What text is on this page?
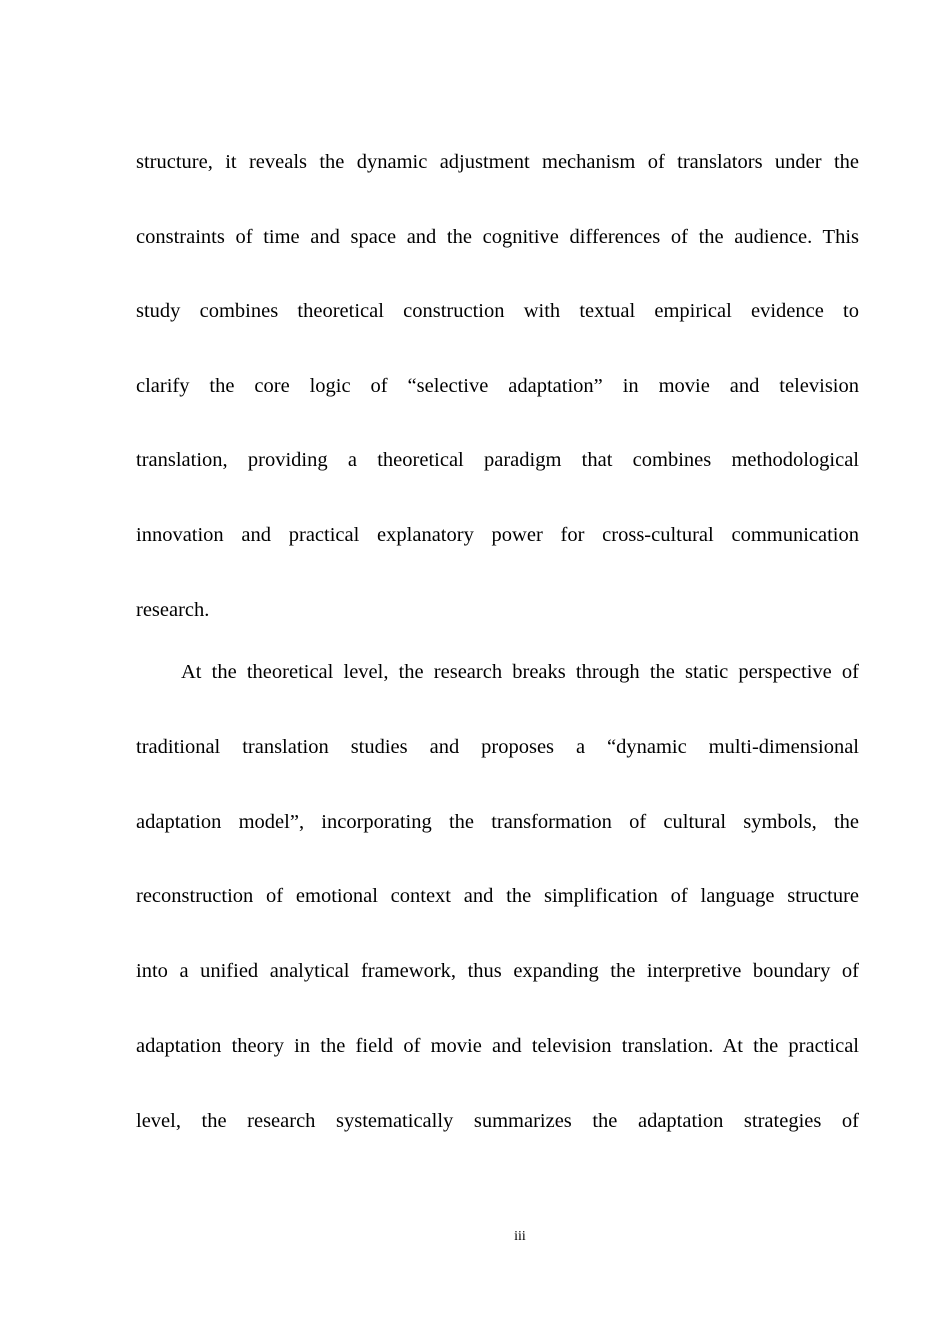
structure, it reveals the dynamic adjustment mechanism of translators under the
constraints of time and space and the cognitive differences of the audience. This
study combines theoretical construction with textual empirical evidence to
clarify the core logic of “selective adaptation” in movie and television
translation, providing a theoretical paradigm that combines methodological
innovation and practical explanatory power for cross-cultural communication
research.
At the theoretical level, the research breaks through the static perspective of
traditional translation studies and proposes a “dynamic multi-dimensional
adaptation model”, incorporating the transformation of cultural symbols, the
reconstruction of emotional context and the simplification of language structure
into a unified analytical framework, thus expanding the interpretive boundary of
adaptation theory in the field of movie and television translation. At the practical
level, the research systematically summarizes the adaptation strategies of
iii
